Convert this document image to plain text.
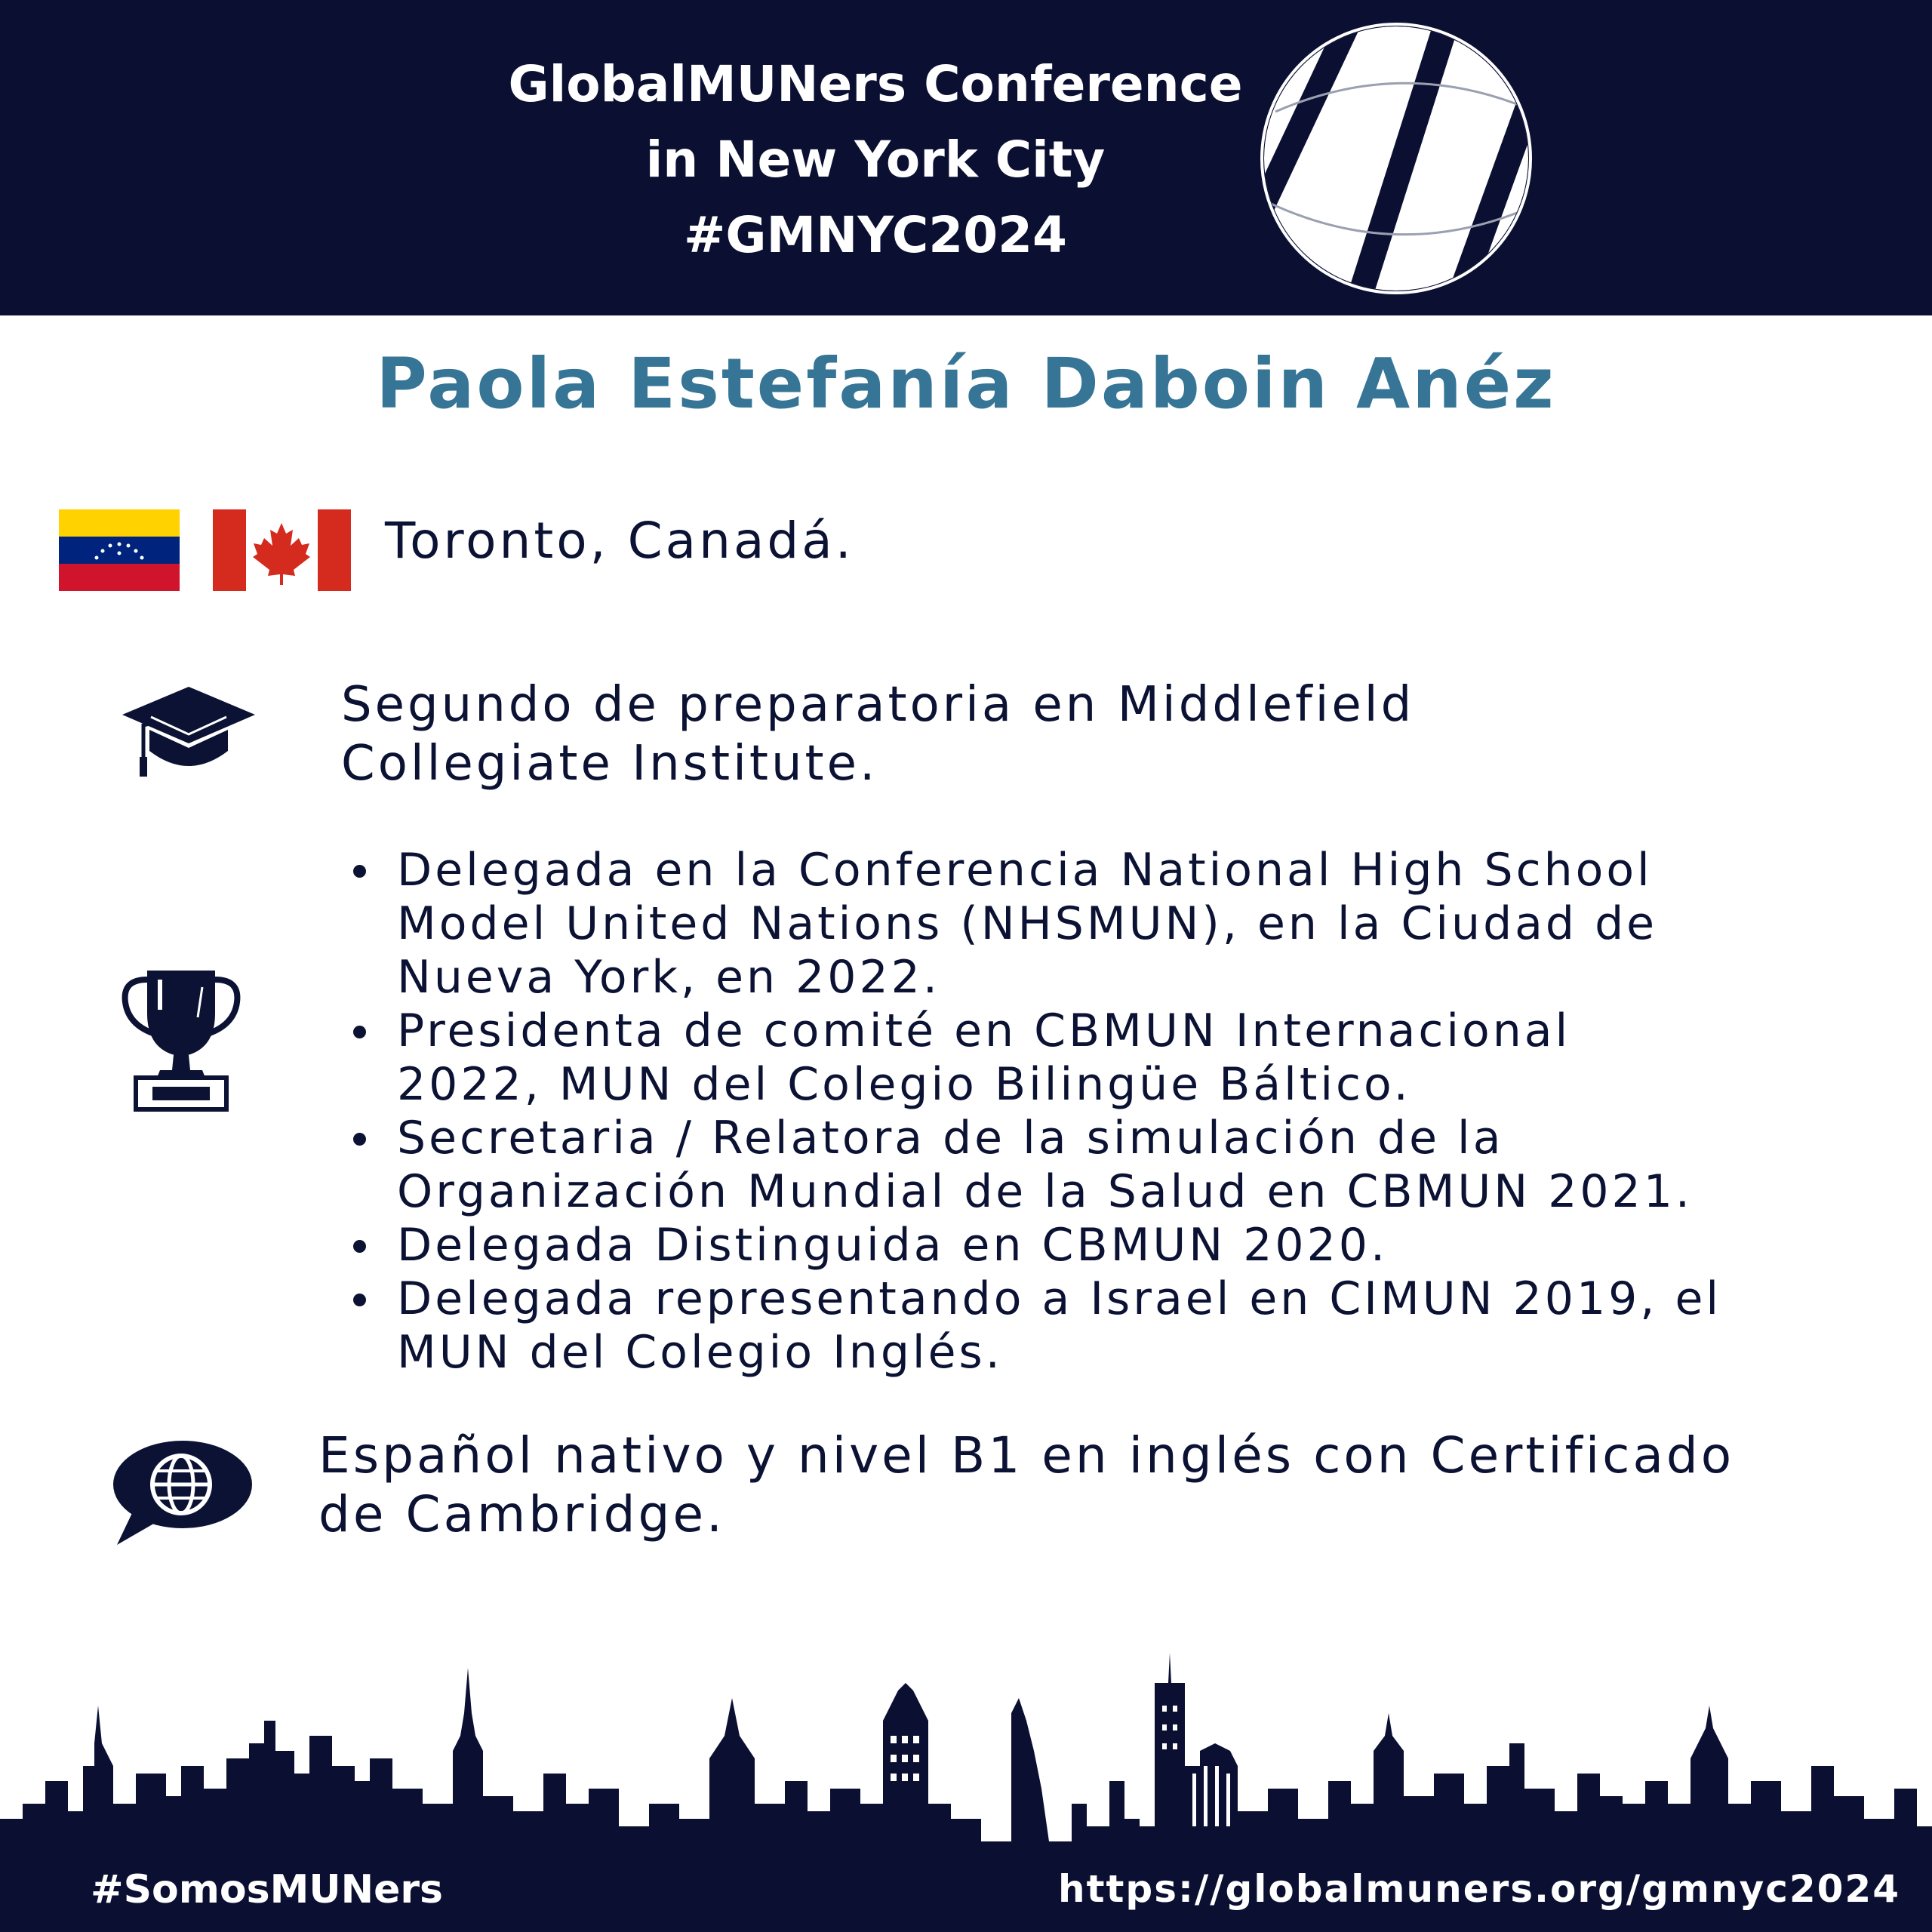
GlobalMUNers Conference
in New York City
#GMNYC2024
Paola Estefanía Daboin Anéz
Toronto, Canadá.
Segundo de preparatoria en Middlefield
Collegiate Institute.
Delegada en la Conferencia National High School
Model United Nations (NHSMUN), en la Ciudad de
Nueva York, en 2022.
Presidenta de comité en CBMUN Internacional
2022, MUN del Colegio Bilingüe Báltico.
Secretaria / Relatora de la simulación de la
Organización Mundial de la Salud en CBMUN 2021.
Delegada Distinguida en CBMUN 2020.
Delegada representando a Israel en CIMUN 2019, el
MUN del Colegio Inglés.
Español nativo y nivel B1 en inglés con Certificado
de Cambridge.
#SomosMUNers	https://globalmuners.org/gmnyc2024
